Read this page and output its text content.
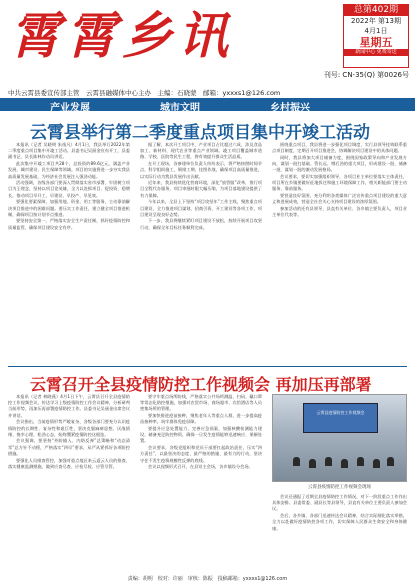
霄霄乡讯	总第402期
2022年 第13期
4月1日
星期五
新闻中心 免费寄送
刊号: CN-35(Q) 第0026号
中共云霄县委宣传部主管　云霄县融媒体中心主办　主编：石晓蒙　邮箱：yxxxs1@126.com
产业发展	城市文明	乡村振兴
云霄县举行第二季度重点项目集中开竣工活动

本报讯（记者 吴晓明 朱逸凡）4月1日，我县举行2022年第二季度重点项目集中开竣工活动。县委书记吴丽金宣布开工，县委副书记、县长陈林作动员讲话。

此次集中开竣工项目共28个，总投资约89.6亿元，涵盖产业发展、城市建设、民生保障等领域。项目的实施将进一步夯实我县高质量发展基础，为经济社会发展注入强劲动能。

活动强调，各级各部门要深入贯彻落实省市部署，牢固树立项目为王理念，坚持以项目论英雄，全力以赴抓项目、促投资、稳增长，推动项目早开工、早建设、早投产、早见效。

要强化要素保障，加强用地、资金、用工等服务，主动靠前解决项目推进中的困难问题。要压实工作责任，建立健全项目推进机制，确保项目按计划节点推进。

要坚持安全第一，严格落实安全生产责任制，抓好疫情防控和质量监管，确保项目建设安全有序。

据了解，本次开工项目中，产业项目占比超过六成，涉及食品加工、新材料、现代农业等重点产业领域。竣工项目覆盖城市道路、学校、医院等民生工程，将有效提升群众生活品质。

在开工现场，各参建单位负责人纷纷表示，将严格按照时间节点，科学组织施工，倒排工期、挂图作战，确保项目高质量推进，以实际行动为我县发展作出贡献。

近年来，我县持续优化营商环境，深化“放管服”改革，推行项目全程代办服务，项目审批时限大幅压缩，为项目落地建设提供了有力保障。

今年以来，全县上下坚持“项目攻坚年”工作主线，聚焦重点项目建设，全力推进项目谋划、招商引资、开工建设等各项工作，项目建设呈现良好态势。

下一步，我县将继续紧盯项目建设不放松，持续开展项目攻坚行动，确保全年目标任务顺利完成。

围绕重点项目，我县将进一步强化项目调度，实行县领导挂钩联系重点项目制度，定期召开项目推进会，协调解决项目建设中的具体问题。

同时，我县将加大项目储备力度，围绕国家政策导向和产业发展方向，谋划一批打基础、管长远、增后劲的重大项目，形成建设一批、储备一批、谋划一批的滚动发展格局。

会议要求，要切实加强组织领导，各项目业主单位要落实主体责任，项目所在乡镇要做好征地拆迁和施工环境保障工作，相关职能部门要主动服务、靠前服务。

要营造良好氛围，充分利用各类媒体广泛宣传重点项目建设的重大意义和进展成效，营造全社会关心支持项目建设的浓厚氛围。

参加活动的还有县领导，县直有关单位、各乡镇主要负责人，项目业主单位代表等。

云霄召开全县疫情防控工作视频会 再加压再部署

本报讯（记者 林晓燕）4月1日下午，云霄县召开全县疫情防控工作视频会议，传达学习上级疫情防控工作会议精神，分析研判当前形势，再加压再部署疫情防控工作。县委书记吴丽金出席会议并讲话。

会议指出，当前疫情形势严峻复杂，各级各部门要充分认识疫情防控的长期性、复杂性和艰巨性，坚决克服麻痹思想、厌战情绪、侥幸心理、松劲心态，始终绷紧疫情防控这根弦。

会议强调，要坚持“外防输入、内防反弹”总策略和“动态清零”总方针不动摇，严格落实“四早”要求，从严从紧抓好各项防控措施。

要强化人员排查管控，加强对重点地区来云返云人员的排查，落实健康监测措施，做到应查尽查、应检尽检、应管尽管。

要守牢重点场所防线，严格落实公共场所测温、扫码、戴口罩等常态化防控措施，加强对农贸市场、商场超市、宾馆酒店等人员密集场所的管理。

要加快推进疫苗接种，聚焦老年人等重点人群，进一步提高疫苗接种率，筑牢群体免疫屏障。

要提升应急处置能力，完善应急预案，加强核酸检测能力建设，储备充足防控物资，确保一旦发生疫情能够迅速响应、果断处置。

会议要求，各级党组织和党员干部要扛起政治责任，压实“四方责任”，以最坚决的态度、最严格的措施、最有力的行动，坚决守住不发生疫情规模性反弹的底线。

会议以视频形式召开，在县设主会场，各乡镇设分会场。

云霄县疫情防控工作视频会
云霄县疫情防控工作视频会现场

会议还通报了近期全县疫情防控工作情况，对下一阶段重点工作作出具体安排。县委常委、副县长等县领导，县直有关单位主要负责人参加会议。

会后，各乡镇、各部门迅速传达会议精神，结合实际细化落实举措，全力以赴做好疫情防控各项工作，切实保障人民群众生命安全和身体健康。

责编：胡明　校对：许丽　审核：陈振　投稿邮箱：yxxxs1@126.com
